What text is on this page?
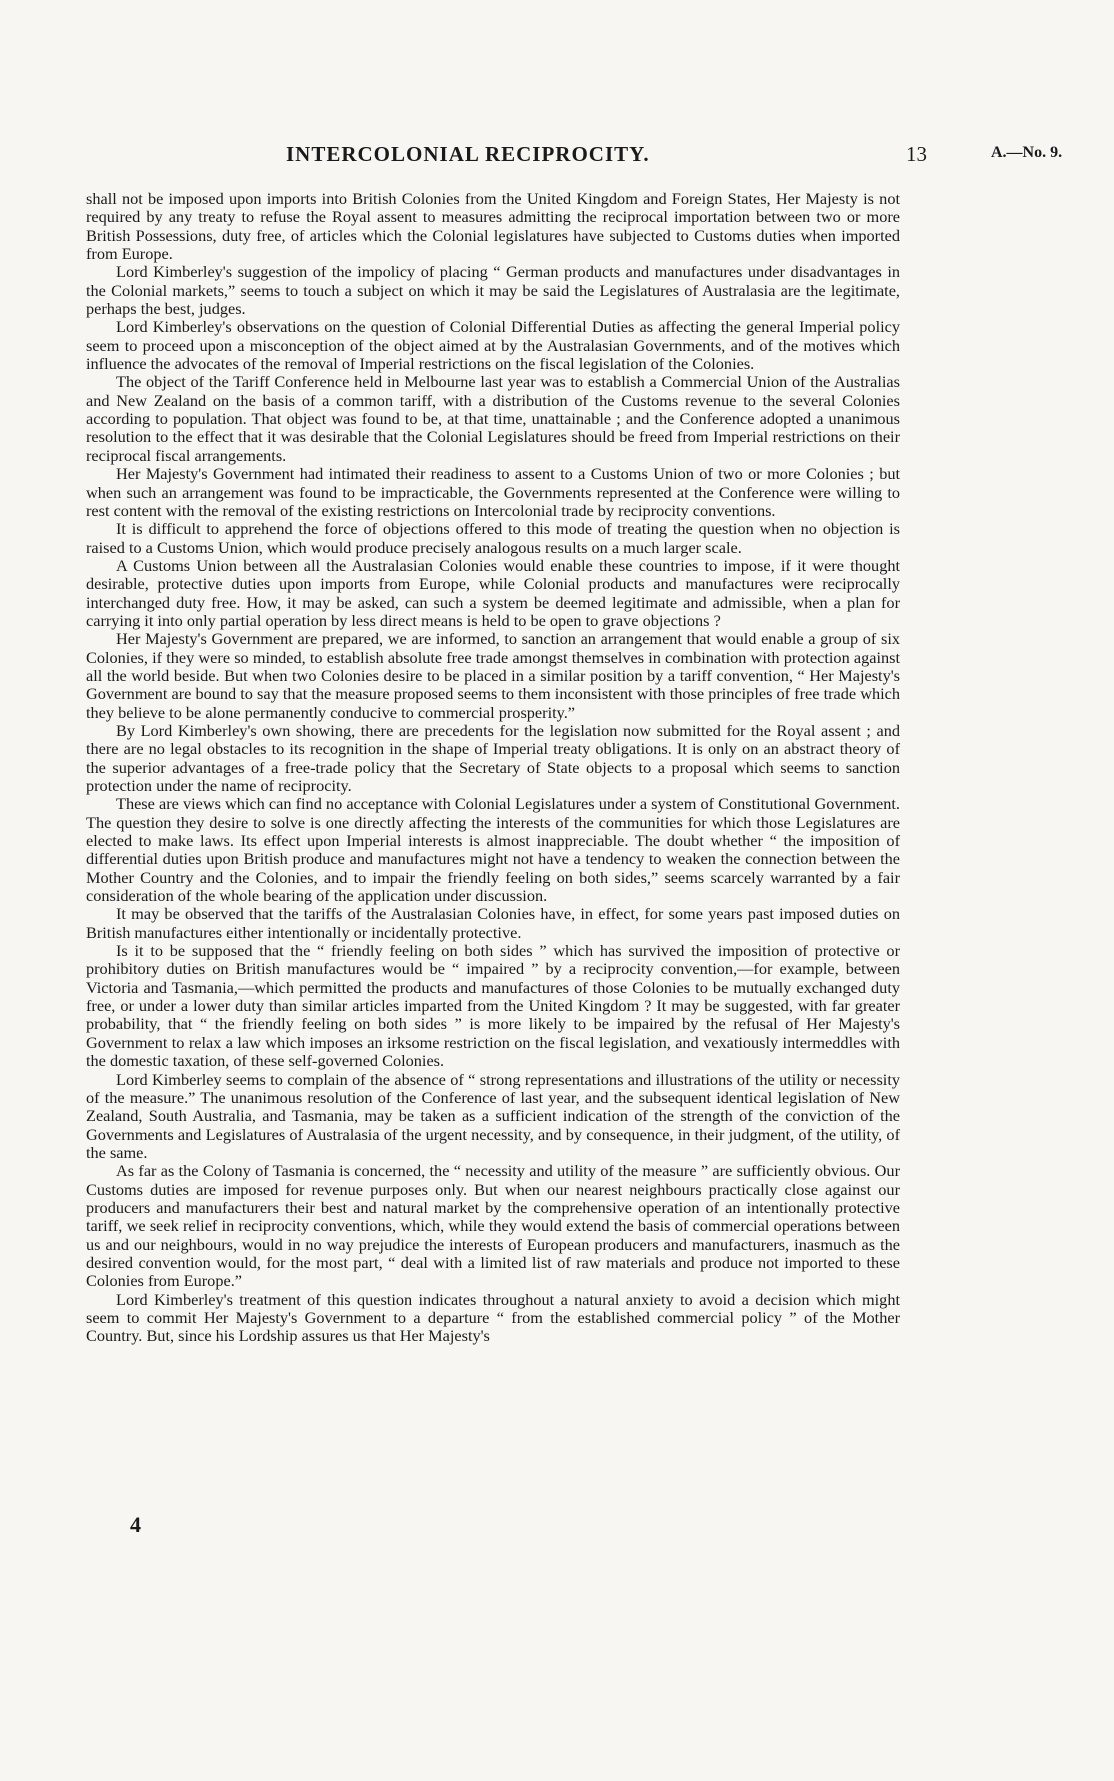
INTERCOLONIAL RECIPROCITY.	13	A.—No. 9.

shall not be imposed upon imports into British Colonies from the United Kingdom and Foreign States, Her Majesty is not required by any treaty to refuse the Royal assent to measures admitting the reciprocal importation between two or more British Possessions, duty free, of articles which the Colonial legislatures have subjected to Customs duties when imported from Europe.

Lord Kimberley's suggestion of the impolicy of placing “ German products and manufactures under disadvantages in the Colonial markets,” seems to touch a subject on which it may be said the Legislatures of Australasia are the legitimate, perhaps the best, judges.

Lord Kimberley's observations on the question of Colonial Differential Duties as affecting the general Imperial policy seem to proceed upon a misconception of the object aimed at by the Australasian Governments, and of the motives which influence the advocates of the removal of Imperial restrictions on the fiscal legislation of the Colonies.

The object of the Tariff Conference held in Melbourne last year was to establish a Commercial Union of the Australias and New Zealand on the basis of a common tariff, with a distribution of the Customs revenue to the several Colonies according to population. That object was found to be, at that time, unattainable ; and the Conference adopted a unanimous resolution to the effect that it was desirable that the Colonial Legislatures should be freed from Imperial restrictions on their reciprocal fiscal arrangements.

Her Majesty's Government had intimated their readiness to assent to a Customs Union of two or more Colonies ; but when such an arrangement was found to be impracticable, the Governments represented at the Conference were willing to rest content with the removal of the existing restrictions on Intercolonial trade by reciprocity conventions.

It is difficult to apprehend the force of objections offered to this mode of treating the question when no objection is raised to a Customs Union, which would produce precisely analogous results on a much larger scale.

A Customs Union between all the Australasian Colonies would enable these countries to impose, if it were thought desirable, protective duties upon imports from Europe, while Colonial products and manufactures were reciprocally interchanged duty free. How, it may be asked, can such a system be deemed legitimate and admissible, when a plan for carrying it into only partial operation by less direct means is held to be open to grave objections ?

Her Majesty's Government are prepared, we are informed, to sanction an arrangement that would enable a group of six Colonies, if they were so minded, to establish absolute free trade amongst themselves in combination with protection against all the world beside. But when two Colonies desire to be placed in a similar position by a tariff convention, “ Her Majesty's Government are bound to say that the measure proposed seems to them inconsistent with those principles of free trade which they believe to be alone permanently conducive to commercial prosperity.”

By Lord Kimberley's own showing, there are precedents for the legislation now submitted for the Royal assent ; and there are no legal obstacles to its recognition in the shape of Imperial treaty obligations. It is only on an abstract theory of the superior advantages of a free-trade policy that the Secretary of State objects to a proposal which seems to sanction protection under the name of reciprocity.

These are views which can find no acceptance with Colonial Legislatures under a system of Constitutional Government. The question they desire to solve is one directly affecting the interests of the communities for which those Legislatures are elected to make laws. Its effect upon Imperial interests is almost inappreciable. The doubt whether “ the imposition of differential duties upon British produce and manufactures might not have a tendency to weaken the connection between the Mother Country and the Colonies, and to impair the friendly feeling on both sides,” seems scarcely warranted by a fair consideration of the whole bearing of the application under discussion.

It may be observed that the tariffs of the Australasian Colonies have, in effect, for some years past imposed duties on British manufactures either intentionally or incidentally protective.

Is it to be supposed that the “ friendly feeling on both sides ” which has survived the imposition of protective or prohibitory duties on British manufactures would be “ impaired ” by a reciprocity convention,—for example, between Victoria and Tasmania,—which permitted the products and manufactures of those Colonies to be mutually exchanged duty free, or under a lower duty than similar articles imparted from the United Kingdom ? It may be suggested, with far greater probability, that “ the friendly feeling on both sides ” is more likely to be impaired by the refusal of Her Majesty's Government to relax a law which imposes an irksome restriction on the fiscal legislation, and vexatiously intermeddles with the domestic taxation, of these self-governed Colonies.

Lord Kimberley seems to complain of the absence of “ strong representations and illustrations of the utility or necessity of the measure.” The unanimous resolution of the Conference of last year, and the subsequent identical legislation of New Zealand, South Australia, and Tasmania, may be taken as a sufficient indication of the strength of the conviction of the Governments and Legislatures of Australasia of the urgent necessity, and by consequence, in their judgment, of the utility, of the same.

As far as the Colony of Tasmania is concerned, the “ necessity and utility of the measure ” are sufficiently obvious. Our Customs duties are imposed for revenue purposes only. But when our nearest neighbours practically close against our producers and manufacturers their best and natural market by the comprehensive operation of an intentionally protective tariff, we seek relief in reciprocity conventions, which, while they would extend the basis of commercial operations between us and our neighbours, would in no way prejudice the interests of European producers and manufacturers, inasmuch as the desired convention would, for the most part, “ deal with a limited list of raw materials and produce not imported to these Colonies from Europe.”

Lord Kimberley's treatment of this question indicates throughout a natural anxiety to avoid a decision which might seem to commit Her Majesty's Government to a departure “ from the established commercial policy ” of the Mother Country. But, since his Lordship assures us that Her Majesty's

4
